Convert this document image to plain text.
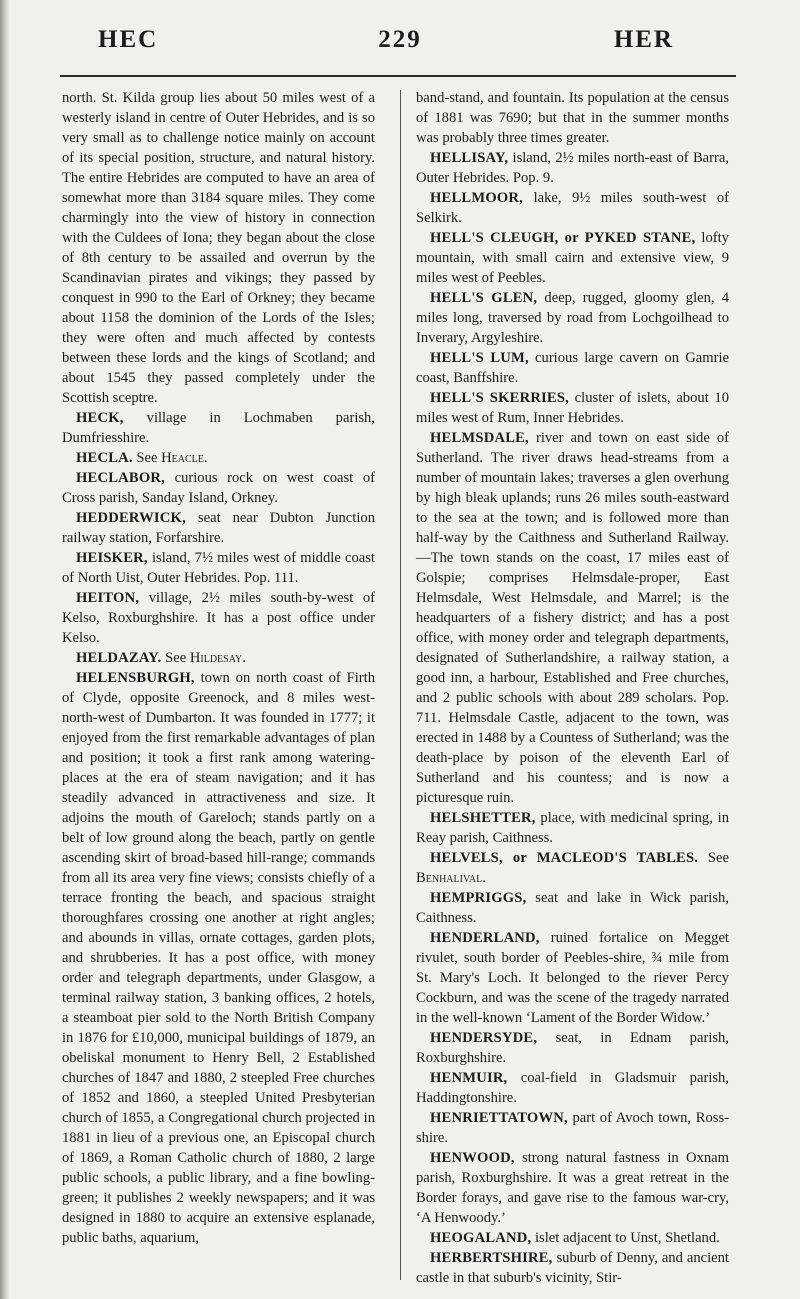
229
HEC	HER

north. St. Kilda group lies about 50 miles west of a westerly island in centre of Outer Hebrides, and is so very small as to challenge notice mainly on account of its special position, structure, and natural history. The entire Hebrides are computed to have an area of somewhat more than 3184 square miles. They come charmingly into the view of history in connection with the Culdees of Iona; they began about the close of 8th century to be assailed and overrun by the Scandinavian pirates and vikings; they passed by conquest in 990 to the Earl of Orkney; they became about 1158 the dominion of the Lords of the Isles; they were often and much affected by contests between these lords and the kings of Scotland; and about 1545 they passed completely under the Scottish sceptre.

HECK, village in Lochmaben parish, Dumfriesshire.

HECLA. See Heacle.

HECLABOR, curious rock on west coast of Cross parish, Sanday Island, Orkney.

HEDDERWICK, seat near Dubton Junction railway station, Forfarshire.

HEISKER, island, 7½ miles west of middle coast of North Uist, Outer Hebrides. Pop. 111.

HEITON, village, 2½ miles south-by-west of Kelso, Roxburghshire. It has a post office under Kelso.

HELDAZAY. See Hildesay.

HELENSBURGH, town on north coast of Firth of Clyde, opposite Greenock, and 8 miles west-north-west of Dumbarton. It was founded in 1777; it enjoyed from the first remarkable advantages of plan and position; it took a first rank among watering-places at the era of steam navigation; and it has steadily advanced in attractiveness and size. It adjoins the mouth of Gareloch; stands partly on a belt of low ground along the beach, partly on gentle ascending skirt of broad-based hill-range; commands from all its area very fine views; consists chiefly of a terrace fronting the beach, and spacious straight thoroughfares crossing one another at right angles; and abounds in villas, ornate cottages, garden plots, and shrubberies. It has a post office, with money order and telegraph departments, under Glasgow, a terminal railway station, 3 banking offices, 2 hotels, a steamboat pier sold to the North British Company in 1876 for £10,000, municipal buildings of 1879, an obeliskal monument to Henry Bell, 2 Established churches of 1847 and 1880, 2 steepled Free churches of 1852 and 1860, a steepled United Presbyterian church of 1855, a Congregational church projected in 1881 in lieu of a previous one, an Episcopal church of 1869, a Roman Catholic church of 1880, 2 large public schools, a public library, and a fine bowling-green; it publishes 2 weekly newspapers; and it was designed in 1880 to acquire an extensive esplanade, public baths, aquarium,

band-stand, and fountain. Its population at the census of 1881 was 7690; but that in the summer months was probably three times greater.

HELLISAY, island, 2½ miles north-east of Barra, Outer Hebrides. Pop. 9.

HELLMOOR, lake, 9½ miles south-west of Selkirk.

HELL'S CLEUGH, or PYKED STANE, lofty mountain, with small cairn and extensive view, 9 miles west of Peebles.

HELL'S GLEN, deep, rugged, gloomy glen, 4 miles long, traversed by road from Lochgoilhead to Inverary, Argyleshire.

HELL'S LUM, curious large cavern on Gamrie coast, Banffshire.

HELL'S SKERRIES, cluster of islets, about 10 miles west of Rum, Inner Hebrides.

HELMSDALE, river and town on east side of Sutherland. The river draws head-streams from a number of mountain lakes; traverses a glen overhung by high bleak uplands; runs 26 miles south-eastward to the sea at the town; and is followed more than half-way by the Caithness and Sutherland Railway.—The town stands on the coast, 17 miles east of Golspie; comprises Helmsdale-proper, East Helmsdale, West Helmsdale, and Marrel; is the headquarters of a fishery district; and has a post office, with money order and telegraph departments, designated of Sutherlandshire, a railway station, a good inn, a harbour, Established and Free churches, and 2 public schools with about 289 scholars. Pop. 711. Helmsdale Castle, adjacent to the town, was erected in 1488 by a Countess of Sutherland; was the death-place by poison of the eleventh Earl of Sutherland and his countess; and is now a picturesque ruin.

HELSHETTER, place, with medicinal spring, in Reay parish, Caithness.

HELVELS, or MACLEOD'S TABLES. See Benhalival.

HEMPRIGGS, seat and lake in Wick parish, Caithness.

HENDERLAND, ruined fortalice on Megget rivulet, south border of Peebles-shire, ¾ mile from St. Mary's Loch. It belonged to the riever Percy Cockburn, and was the scene of the tragedy narrated in the well-known ‘Lament of the Border Widow.’

HENDERSYDE, seat, in Ednam parish, Roxburghshire.

HENMUIR, coal-field in Gladsmuir parish, Haddingtonshire.

HENRIETTATOWN, part of Avoch town, Ross-shire.

HENWOOD, strong natural fastness in Oxnam parish, Roxburghshire. It was a great retreat in the Border forays, and gave rise to the famous war-cry, ‘A Henwoody.’

HEOGALAND, islet adjacent to Unst, Shetland.

HERBERTSHIRE, suburb of Denny, and ancient castle in that suburb's vicinity, Stir-
